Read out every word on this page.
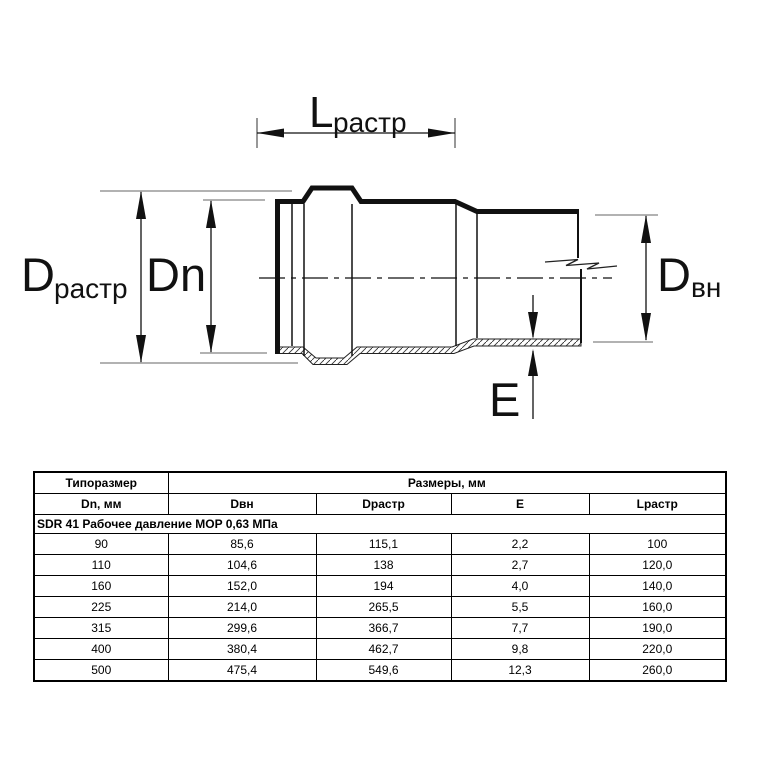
L растр
D растр Dn	D вн
E
Типоразмер	Размеры, мм			
Dn, мм	Dвн	Dрастр	E	Lрастр
SDR 41 Рабочее давление MOP 0,63 МПа				
90	85,6	115,1	2,2	100
110	104,6	138	2,7	120,0
160	152,0	194	4,0	140,0
225	214,0	265,5	5,5	160,0
315	299,6	366,7	7,7	190,0
400	380,4	462,7	9,8	220,0
500	475,4	549,6	12,3	260,0
